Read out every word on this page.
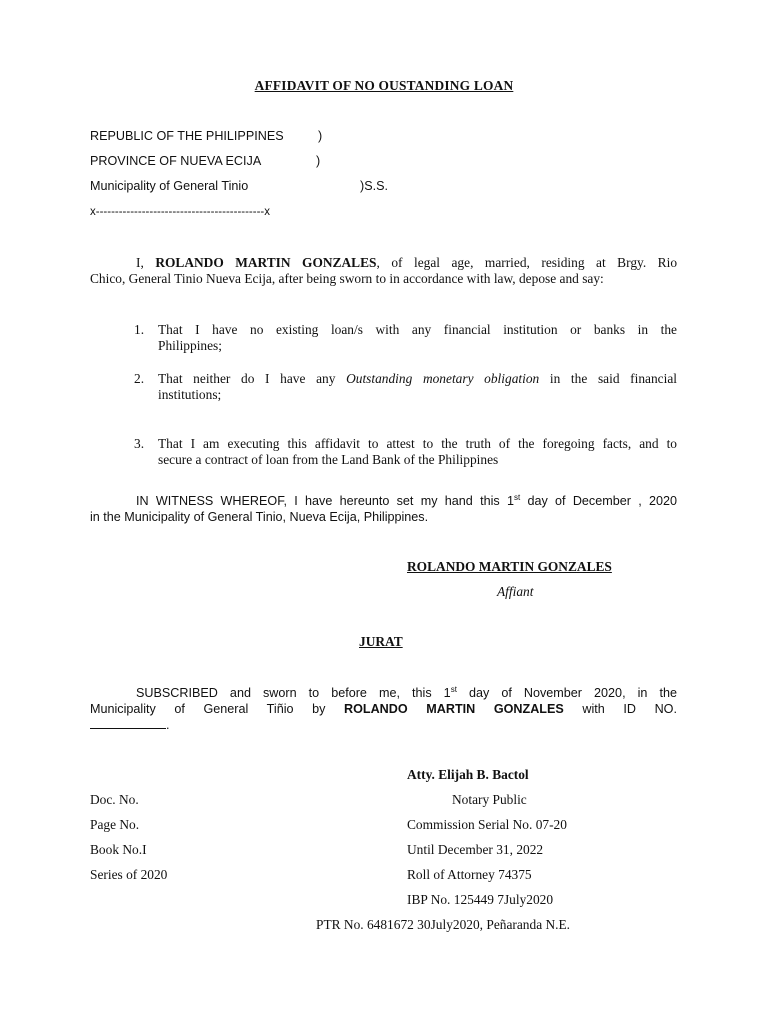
AFFIDAVIT OF NO OUSTANDING LOAN
REPUBLIC OF THE PHILIPPINES	)
PROVINCE OF NUEVA ECIJA	)
Municipality of General Tinio	)S.S.
x--------------------------------------------x
I, ROLANDO MARTIN GONZALES, of legal age, married, residing at Brgy. Rio
Chico, General Tinio Nueva Ecija, after being sworn to in accordance with law, depose and say:
1. That I have no existing loan/s with any financial institution or banks in the
Philippines;
2. That neither do I have any Outstanding monetary obligation in the said financial
institutions;
3. That I am executing this affidavit to attest to the truth of the foregoing facts, and to
secure a contract of loan from the Land Bank of the Philippines
IN WITNESS WHEREOF, I have hereunto set my hand this 1st day of December , 2020
in the Municipality of General Tinio, Nueva Ecija, Philippines.
ROLANDO MARTIN GONZALES
Affiant
JURAT
SUBSCRIBED and sworn to before me, this 1st day of November 2020, in the
Municipality of General Tiñio by ROLANDO MARTIN GONZALES with ID NO.
.
Atty. Elijah B. Bactol
Notary Public
Commission Serial No. 07-20
Until December 31, 2022
Roll of Attorney 74375
IBP No. 125449 7July2020
PTR No. 6481672 30July2020, Peñaranda N.E.
Doc. No.
Page No.
Book No.I
Series of 2020
